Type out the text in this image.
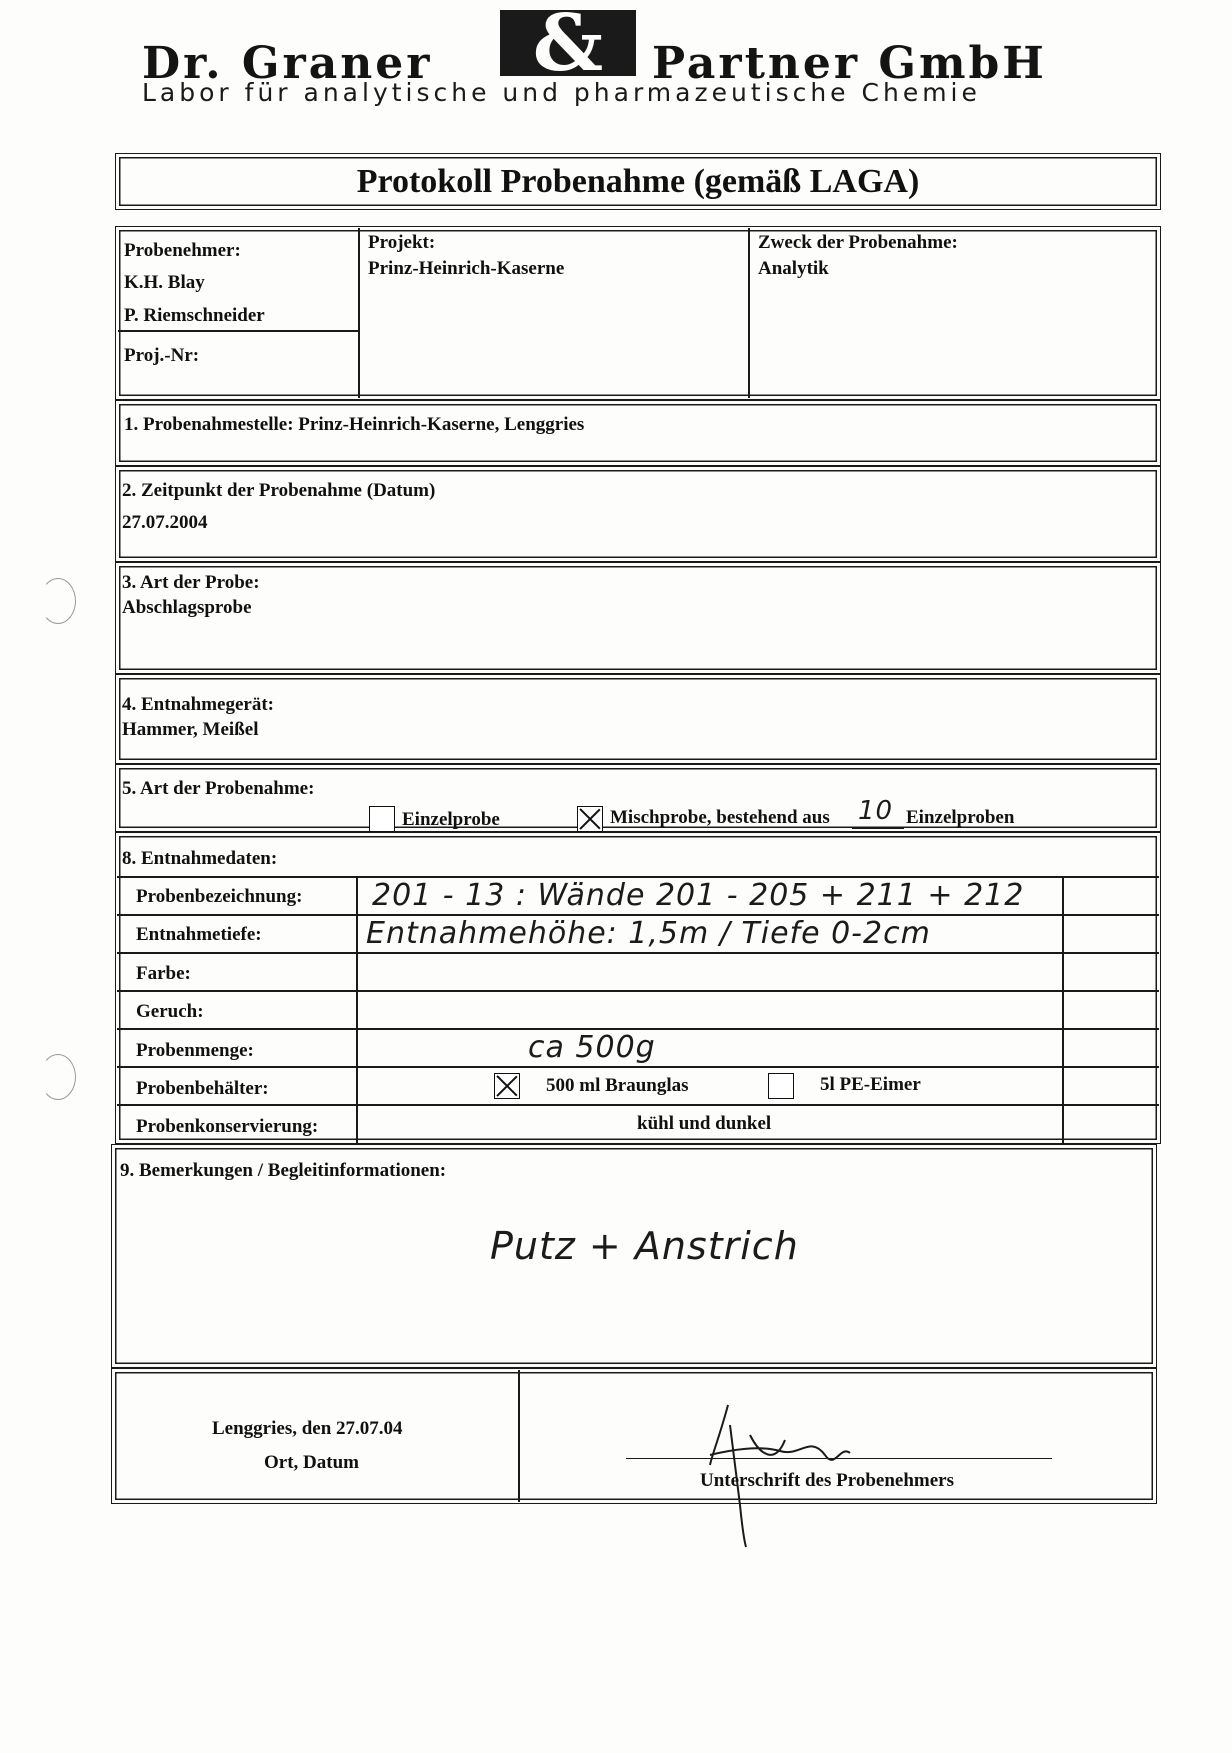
Dr. Graner	Partner GmbH
&
Labor für analytische und pharmazeutische Chemie
Protokoll Probenahme (gemäß LAGA)
Probenehmer:
K.H. Blay
P. Riemschneider
Proj.-Nr:
Projekt:
Prinz-Heinrich-Kaserne
Zweck der Probenahme:
Analytik
1. Probenahmestelle: Prinz-Heinrich-Kaserne, Lenggries
2. Zeitpunkt der Probenahme (Datum)
27.07.2004
3. Art der Probe:
Abschlagsprobe
4. Entnahmegerät:
Hammer, Meißel
5. Art der Probenahme:
Einzelprobe	Mischprobe, bestehend aus 10 Einzelproben
8. Entnahmedaten:
Probenbezeichnung: 201 - 13 : Wände 201 - 205 + 211 + 212
Entnahmetiefe:	Entnahmehöhe: 1,5m / Tiefe 0-2cm
Farbe:
Geruch:
Probenmenge:	ca 500g
Probenbehälter:	500 ml Braunglas	5l PE-Eimer
Probenkonservierung:	kühl und dunkel
9. Bemerkungen / Begleitinformationen:
Putz + Anstrich
Lenggries, den 27.07.04
Ort, Datum
Unterschrift des Probenehmers
